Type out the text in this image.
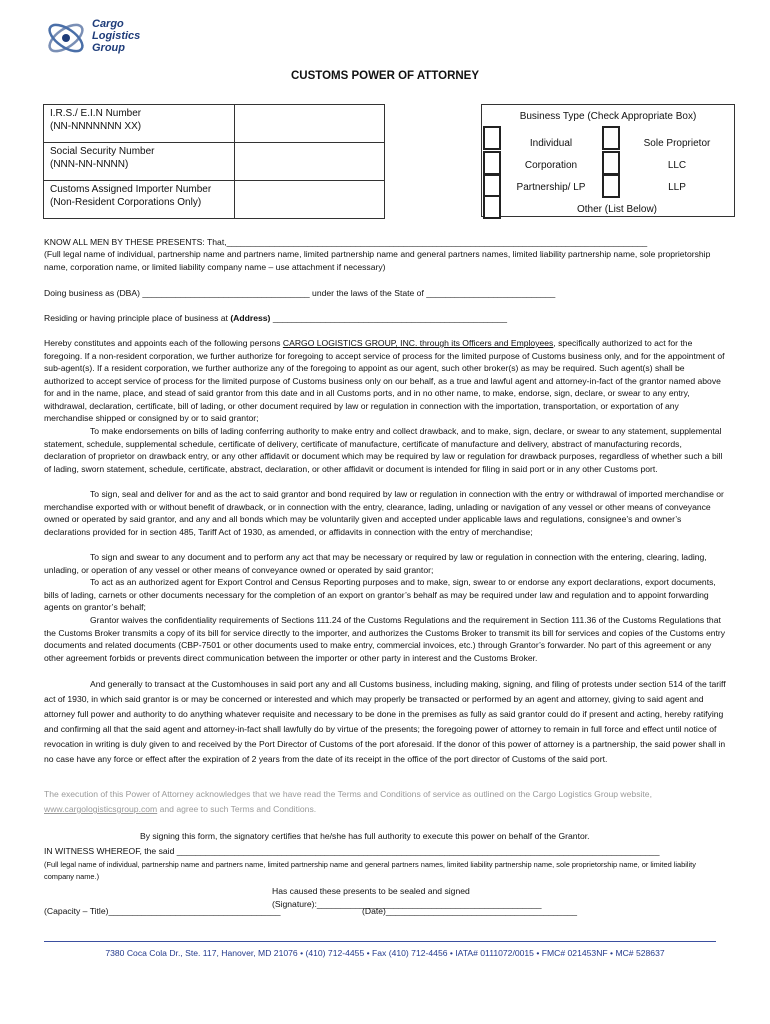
Cargo
Logistics
Group
CUSTOMS POWER OF ATTORNEY
I.R.S./ E.I.N Number
(NN-NNNNNNN XX)	

Social Security Number
(NNN-NN-NNNN)	

Customs Assigned Importer Number
(Non-Resident Corporations Only)	

Business Type (Check Appropriate Box)
Individual	Sole Proprietor
Corporation	LLC
Partnership/ LP	LLP
Other (List Below)
KNOW ALL MEN BY THESE PRESENTS: That,________________________________________________________________________________________
(Full legal name of individual, partnership name and partners name, limited partnership name and general partners names, limited liability partnership name, sole proprietorship name, corporation name, or limited liability company name – use attachment if necessary)
Doing business as (DBA) ___________________________________ under the laws of the State of ___________________________
Residing or having principle place of business at (Address) _________________________________________________
Hereby constitutes and appoints each of the following persons CARGO LOGISTICS GROUP, INC. through its Officers and Employees, specifically authorized to act for the foregoing. If a non-resident corporation, we further authorize for foregoing to accept service of process for the limited purpose of Customs business only, and for the appointment of sub-agent(s). If a resident corporation, we further authorize any of the foregoing to appoint as our agent, such other broker(s) as may be required. Such agent(s) shall be authorized to accept service of process for the limited purpose of Customs business only on our behalf, as a true and lawful agent and attorney-in-fact of the grantor named above for and in the name, place, and stead of said grantor from this date and in all Customs ports, and in no other name, to make, endorse, sign, declare, or swear to any entry, withdrawal, declaration, certificate, bill of lading, or other document required by law or regulation in connection with the importation, transportation, or exportation of any merchandise shipped or consigned by or to said grantor;
To make endorsements on bills of lading conferring authority to make entry and collect drawback, and to make, sign, declare, or swear to any statement, supplemental statement, schedule, supplemental schedule, certificate of delivery, certificate of manufacture, certificate of manufacture and delivery, abstract of manufacturing records, declaration of proprietor on drawback entry, or any other affidavit or document which may be required by law or regulation for drawback purposes, regardless of whether such a bill of lading, sworn statement, schedule, certificate, abstract, declaration, or other affidavit or document is intended for filing in said port or in any other Customs port.
To sign, seal and deliver for and as the act to said grantor and bond required by law or regulation in connection with the entry or withdrawal of imported merchandise or merchandise exported with or without benefit of drawback, or in connection with the entry, clearance, lading, unlading or navigation of any vessel or other means of conveyance owned or operated by said grantor, and any and all bonds which may be voluntarily given and accepted under applicable laws and regulations, consignee’s and owner’s declarations provided for in section 485, Tariff Act of 1930, as amended, or affidavits in connection with the entry of merchandise;
To sign and swear to any document and to perform any act that may be necessary or required by law or regulation in connection with the entering, clearing, lading, unlading, or operation of any vessel or other means of conveyance owned or operated by said grantor;
To act as an authorized agent for Export Control and Census Reporting purposes and to make, sign, swear to or endorse any export declarations, export documents, bills of lading, carnets or other documents necessary for the completion of an export on grantor’s behalf as may be required under law and regulation and to appoint forwarding agents on grantor’s behalf;
Grantor waives the confidentiality requirements of Sections 111.24 of the Customs Regulations and the requirement in Section 111.36 of the Customs Regulations that the Customs Broker transmits a copy of its bill for service directly to the importer, and authorizes the Customs Broker to transmit its bill for services and copies of the Customs entry documents and related documents (CBP-7501 or other documents used to make entry, commercial invoices, etc.) through Grantor’s forwarder. No part of this agreement or any other agreement forbids or prevents direct communication between the importer or other party in interest and the Customs Broker.
And generally to transact at the Customhouses in said port any and all Customs business, including making, signing, and filing of protests under section 514 of the tariff act of 1930, in which said grantor is or may be concerned or interested and which may properly be transacted or performed by an agent and attorney, giving to said agent and attorney full power and authority to do anything whatever requisite and necessary to be done in the premises as fully as said grantor could do if present and acting, hereby ratifying and confirming all that the said agent and attorney-in-fact shall lawfully do by virtue of the presents; the foregoing power of attorney to remain in full force and effect until notice of revocation in writing is duly given to and received by the Port Director of Customs of the port aforesaid. If the donor of this power of attorney is a partnership, the said power shall in no case have any force or effect after the expiration of 2 years from the date of its receipt in the office of the port director of Customs of the said port.
The execution of this Power of Attorney acknowledges that we have read the Terms and Conditions of service as outlined on the Cargo Logistics Group website,
www.cargologisticsgroup.com and agree to such Terms and Conditions.
By signing this form, the signatory certifies that he/she has full authority to execute this power on behalf of the Grantor.
IN WITNESS WHEREOF, the said _____________________________________________________________________________________________________
(Full legal name of individual, partnership name and partners name, limited partnership name and general partners names, limited liability partnership name, sole proprietorship name, or limited liability company name.)
Has caused these presents to be sealed and signed (Signature):_______________________________________________
(Capacity – Title)____________________________________	(Date)________________________________________
7380 Coca Cola Dr., Ste. 117, Hanover, MD 21076 • (410) 712-4455 • Fax (410) 712-4456 • IATA# 0111072/0015 • FMC# 021453NF • MC# 528637
